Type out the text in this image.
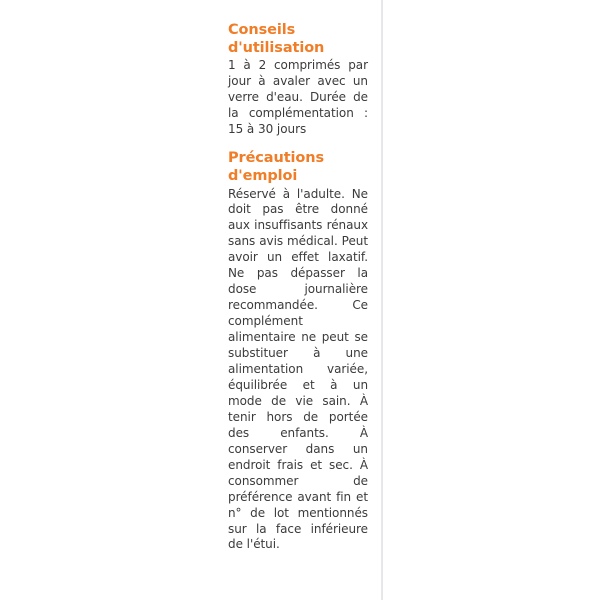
Conseils d'utilisation

1 à 2 comprimés par jour à avaler avec un verre d'eau. Durée de la complémentation : 15 à 30 jours

Précautions d'emploi

Réservé à l'adulte. Ne doit pas être donné aux insuffisants rénaux sans avis médical. Peut avoir un effet laxatif. Ne pas dépasser la dose journalière recommandée. Ce complément alimentaire ne peut se substituer à une alimentation variée, équilibrée et à un mode de vie sain. À tenir hors de portée des enfants. À conserver dans un endroit frais et sec. À consommer de préférence avant fin et n° de lot mentionnés sur la face inférieure de l'étui.
